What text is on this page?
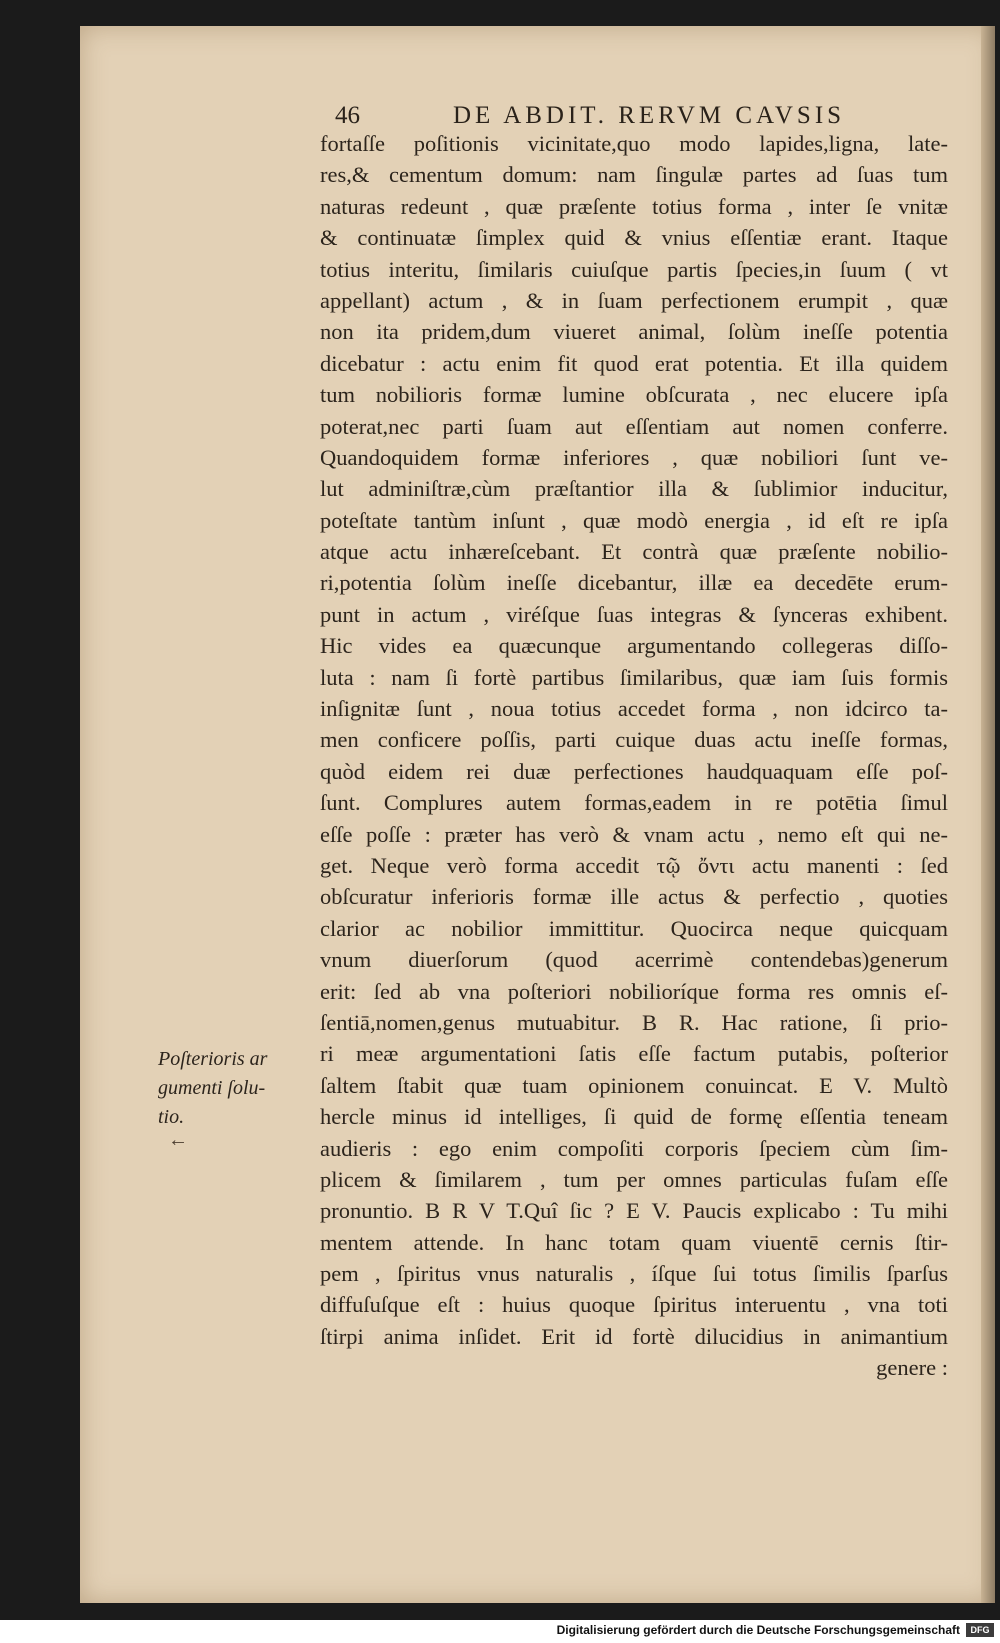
46	DE ABDIT. RERVM CAVSIS
fortaſſe poſitionis vicinitate,quo modo lapides,ligna, late-
res,& cementum domum: nam ſingulæ partes ad ſuas tum
naturas redeunt , quæ præſente totius forma , inter ſe vnitæ
& continuatæ ſimplex quid & vnius eſſentiæ erant. Itaque
totius interitu, ſimilaris cuiuſque partis ſpecies,in ſuum ( vt
appellant) actum , & in ſuam perfectionem erumpit , quæ
non ita pridem,dum viueret animal, ſolùm ineſſe potentia
dicebatur : actu enim fit quod erat potentia. Et illa quidem
tum nobilioris formæ lumine obſcurata , nec elucere ipſa
poterat,nec parti ſuam aut eſſentiam aut nomen conferre.
Quandoquidem formæ inferiores , quæ nobiliori ſunt ve-
lut adminiſtræ,cùm præſtantior illa & ſublimior inducitur,
poteſtate tantùm inſunt , quæ modò energia , id eſt re ipſa
atque actu inhæreſcebant. Et contrà quæ præſente nobilio-
ri,potentia ſolùm ineſſe dicebantur, illæ ea decedēte erum-
punt in actum , viréſque ſuas integras & ſynceras exhibent.
Hic vides ea quæcunque argumentando collegeras diſſo-
luta : nam ſi fortè partibus ſimilaribus, quæ iam ſuis formis
inſignitæ ſunt , noua totius accedet forma , non idcirco ta-
men conficere poſſis, parti cuique duas actu ineſſe formas,
quòd eidem rei duæ perfectiones haudquaquam eſſe poſ-
ſunt. Complures autem formas,eadem in re potētia ſimul
eſſe poſſe : præter has verò & vnam actu , nemo eſt qui ne-
get. Neque verò forma accedit τῷ ὄντι actu manenti : ſed
obſcuratur inferioris formæ ille actus & perfectio , quoties
clarior ac nobilior immittitur. Quocirca neque quicquam
vnum diuerſorum (quod acerrimè contendebas)generum
erit: ſed ab vna poſteriori nobilioríque forma res omnis eſ-
ſentiā,nomen,genus mutuabitur. B R. Hac ratione, ſi prio-
ri meæ argumentationi ſatis eſſe factum putabis, poſterior
ſaltem ſtabit quæ tuam opinionem conuincat. E V. Multò
hercle minus id intelliges, ſi quid de formę eſſentia teneam
audieris : ego enim compoſiti corporis ſpeciem cùm ſim-
plicem & ſimilarem , tum per omnes particulas fuſam eſſe
pronuntio. B R V T.Quî ſic ? E V. Paucis explicabo : Tu mihi
mentem attende. In hanc totam quam viuentē cernis ſtir-
pem , ſpiritus vnus naturalis , íſque ſui totus ſimilis ſparſus
diffuſuſque eſt : huius quoque ſpiritus interuentu , vna toti
ſtirpi anima inſidet. Erit id fortè dilucidius in animantium
genere :
Poſterioris ar
gumenti ſolu-
tio.
←
Digitalisierung gefördert durch die Deutsche Forschungsgemeinschaft	DFG
